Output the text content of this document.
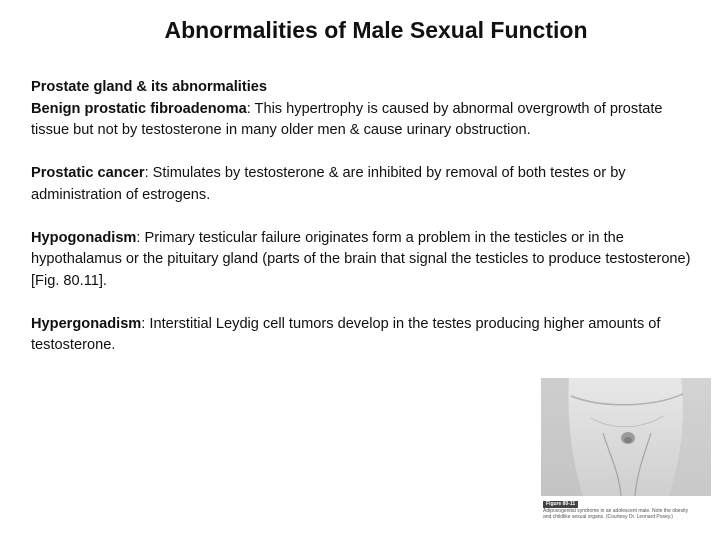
Abnormalities of Male Sexual Function

Prostate gland & its abnormalities

Benign prostatic fibroadenoma: This hypertrophy is caused by abnormal overgrowth of prostate tissue but not by testosterone in many older men & cause urinary obstruction.

Prostatic cancer: Stimulates by testosterone & are inhibited by removal of both testes or by administration of estrogens.

Hypogonadism: Primary testicular failure originates form a problem in the testicles or in the hypothalamus or the pituitary gland (parts of the brain that signal the testicles to produce testosterone) [Fig. 80.11].

Hypergonadism: Interstitial Leydig cell tumors develop in the testes producing higher amounts of testosterone.

Figure 80-11
Adiposogenital syndrome in an adolescent male. Note the obesity
and childlike sexual organs. (Courtesy Dr. Leonard Posey.)
